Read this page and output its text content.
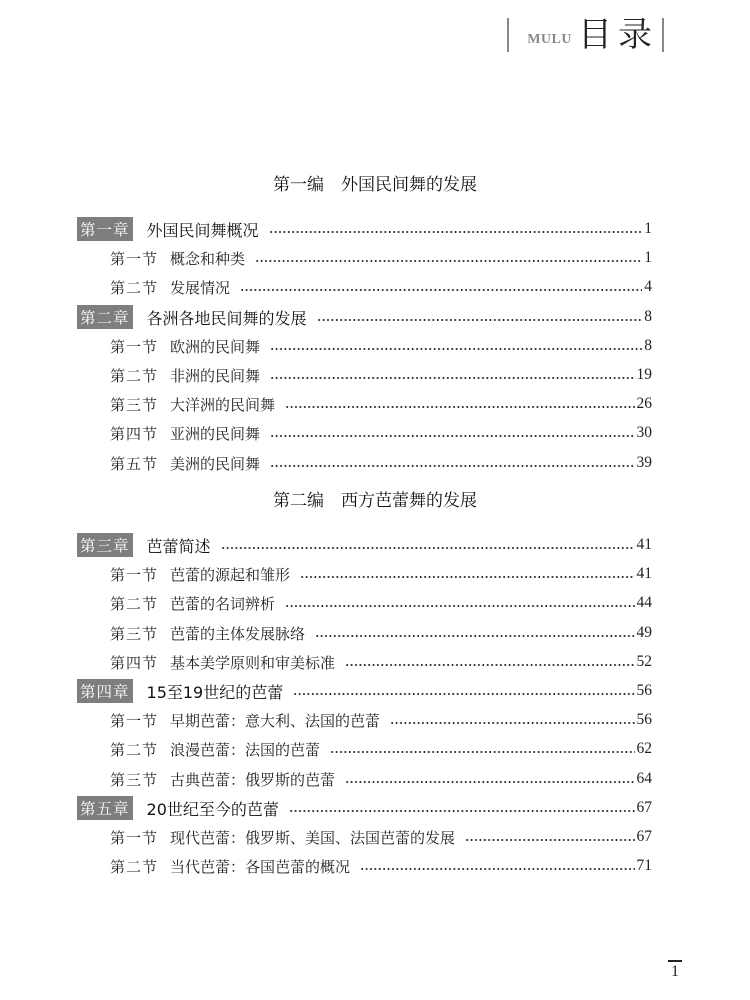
MULU 目录
第一编　外国民间舞的发展
第一章 外国民间舞概况	1
第一节 概念和种类	1
第二节 发展情况	4
第二章 各洲各地民间舞的发展	8
第一节 欧洲的民间舞	8
第二节 非洲的民间舞	19
第三节 大洋洲的民间舞	26
第四节 亚洲的民间舞	30
第五节 美洲的民间舞	39
第二编　西方芭蕾舞的发展
第三章 芭蕾简述	41
第一节 芭蕾的源起和雏形	41
第二节 芭蕾的名词辨析	44
第三节 芭蕾的主体发展脉络	49
第四节 基本美学原则和审美标准	52
第四章 15至19世纪的芭蕾	56
第一节 早期芭蕾：意大利、法国的芭蕾	56
第二节 浪漫芭蕾：法国的芭蕾	62
第三节 古典芭蕾：俄罗斯的芭蕾	64
第五章 20世纪至今的芭蕾	67
第一节 现代芭蕾：俄罗斯、美国、法国芭蕾的发展	67
第二节 当代芭蕾：各国芭蕾的概况	71
1
